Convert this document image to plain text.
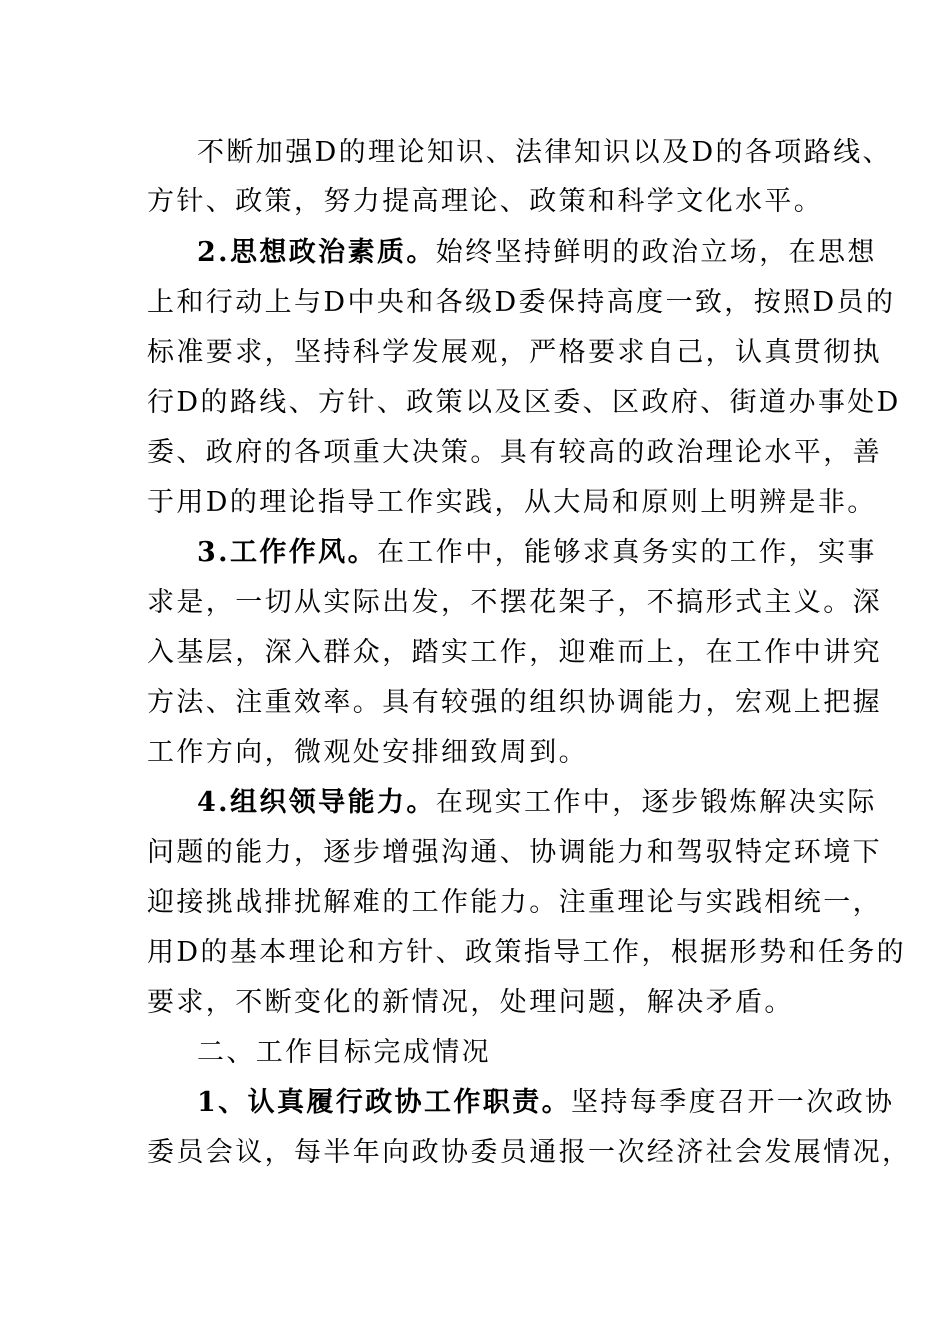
不断加强D的理论知识、法律知识以及D的各项路线、
方针、政策，努力提高理论、政策和科学文化水平。
2.思想政治素质。始终坚持鲜明的政治立场，在思想
上和行动上与D中央和各级D委保持高度一致，按照D员的
标准要求，坚持科学发展观，严格要求自己，认真贯彻执
行D的路线、方针、政策以及区委、区政府、街道办事处D
委、政府的各项重大决策。具有较高的政治理论水平，善
于用D的理论指导工作实践，从大局和原则上明辨是非。
3.工作作风。在工作中，能够求真务实的工作，实事
求是，一切从实际出发，不摆花架子，不搞形式主义。深
入基层，深入群众，踏实工作，迎难而上，在工作中讲究
方法、注重效率。具有较强的组织协调能力，宏观上把握
工作方向，微观处安排细致周到。
4.组织领导能力。在现实工作中，逐步锻炼解决实际
问题的能力，逐步增强沟通、协调能力和驾驭特定环境下
迎接挑战排扰解难的工作能力。注重理论与实践相统一，
用D的基本理论和方针、政策指导工作，根据形势和任务的
要求，不断变化的新情况，处理问题，解决矛盾。
二、工作目标完成情况
1、认真履行政协工作职责。坚持每季度召开一次政协
委员会议，每半年向政协委员通报一次经济社会发展情况，
